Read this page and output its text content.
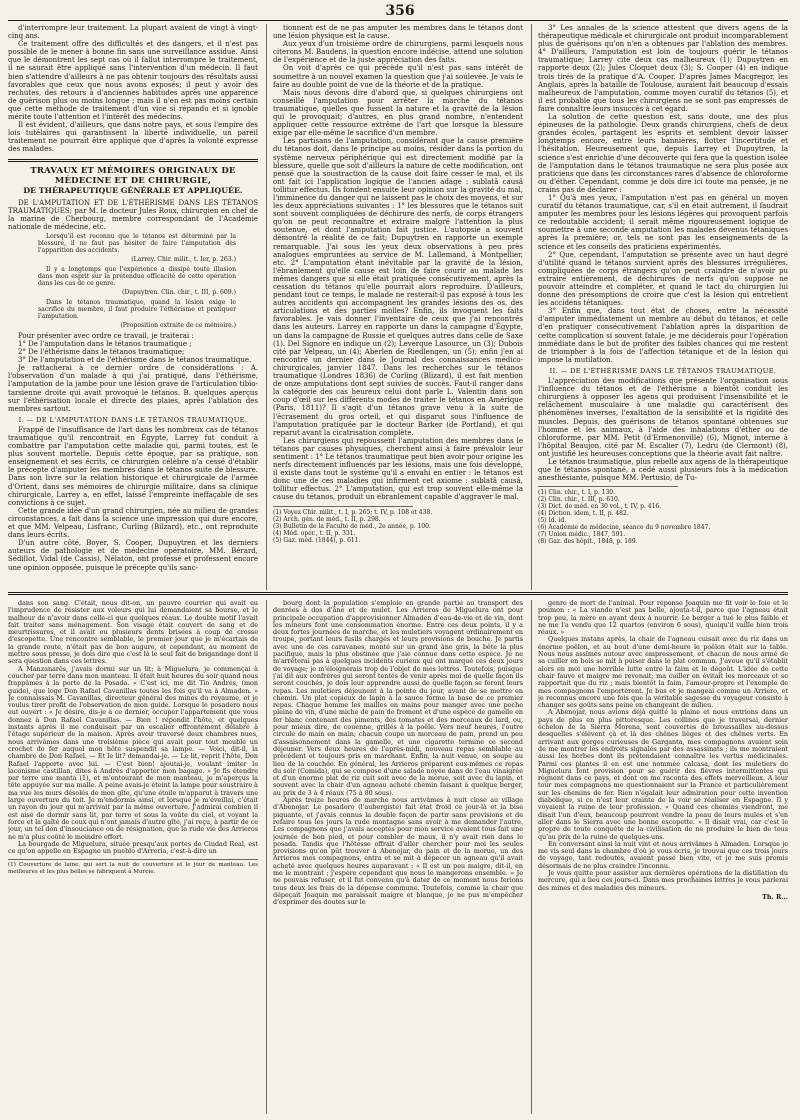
356

d'interrompre leur traitement. La plupart avaient de vingt à vingt-cinq ans.

Ce traitement offre des difficultés et des dangers, et il n'est pas possible de le mener à bonne fin sans une surveillance assidue. Ainsi que le démontrent les sept cas où il fallut interrompre le traitement, il ne saurait être appliqué sans l'intervention d'un médecin. Il faut bien s'attendre d'ailleurs à ne pas obtenir toujours des résultats aussi favorables que ceux que nous avons exposés; il peut y avoir des rechutes, des retours à d'anciennes habitudes après une apparence de guérison plus ou moins longue ; mais il n'en est pas moins certain que cette méthode de traitement d'un vice si répandu et si ignoble mérite toute l'attention et l'intérêt des médecins.

Il est évident, d'ailleurs, que dans notre pays, et sous l'empire des lois tutélaires qui garantissent la liberté individuelle, un pareil traitement ne pourrait être appliqué que d'après la volonté expresse des malades.

TRAVAUX ET MÉMOIRES ORIGINAUX DE MÉDECINE ET DE CHIRURGIE,

DE THÉRAPEUTIQUE GÉNÉRALE ET APPLIQUÉE.

DE L'AMPUTATION ET DE L'ÉTHÉRISME DANS LES TÉTANOS TRAUMATIQUES; par M. le docteur Jules Roux, chirurgien en chef de la marine de Cherbourg, membre correspondant de l'Académie nationale de médecine, etc.

Lorsqu'il est reconnu que le tétanos est déterminé par la blessure, il ne faut pas hésiter de faire l'amputation dès l'apparition des accidents.

(Larrey. Chir. milit., t. Ier, p. 263.)

Il y a longtemps que l'expérience a dissipé toute illusion dans mon esprit sur la prétendue efficacité de cette opération dans les cas de ce genre.

(Dupuytren. Clin. chir., t. III, p. 609.)

Dans le tétanos traumatique, quand la lésion exige le sacrifice du membre, il faut produire l'éthérisme et pratiquer l'amputation.

(Proposition extraite de ce mémoire.)

Pour présenter avec ordre ce travail, je traiterai :

1° De l'amputation dans le tétanos traumatique ;

2° De l'éthérisme dans le tétanos traumatique;

3° De l'amputation et de l'éthérisme dans le tétanos traumatique.

Je rattacherai à ce dernier ordre de considérations : A. l'observation d'un malade à qui j'ai pratiqué, dans l'éthérisme, l'amputation de la jambe pour une lésion grave de l'articulation tibio-tarsienne droite qui avait provoqué le tétanos. B. quelques aperçus sur l'éthérisation locale et directe des plaies, après l'ablation des membres sartout.

I. — DE L'AMPUTATION DANS LE TÉTANOS TRAUMATIQUE.

Frappé de l'insuffisance de l'art dans les nombreux cas de tétanos traumatique qu'il rencontrait en Égypte, Larrey fut conduit à combattre par l'amputation cette maladie qui, parmi toutes, est le plus souvent mortelle. Depuis cette époque, par sa pratique, son enseignement et ses écrits, ce chirurgien célèbre n'a cessé d'établir le précepte d'amputer les membres dans le tétanos suite de blessure. Dans son livre sur la relation historique et chirurgicale de l'armée d'Orient, dans ses mémoires de chirurgie militaire, dans sa clinique chirurgicale, Larrey a, en effet, laissé l'empreinte ineffaçable de ses convictions à ce sujet.

Cette grande idée d'un grand chirurgien, née au milieu de grandes circonstances, a fait dans la science une impression qui dure encore, et que MM. Velpeau, Lisfranc, Curling (Bilzard), etc., ont reproduite dans leurs écrits.

D'un autre côté, Boyer, S. Cooper, Dupuytren et les derniers auteurs de pathologie et de médecine opératoire, MM. Bérard, Sédillot, Vidal (de Cassis), Nélaton, ont professé et professent encore une opinion opposée, puisque le précepte qu'ils sanc-

tionnent est de ne pas amputer les membres dans le tétanos dont une lésion physique est la cause.

Aux yeux d'un troisième ordre de chirurgiens, parmi lesquels nous citerons M. Baudens, la question encore indécise, attend une solution de l'expérience et de la juste appréciation des faits.

On voit d'après ce qui précède qu'il n'est pas sans intérêt de soumettre à un nouvel examen la question que j'ai soulevée. Je vais le faire au double point de vue de la théorie et de la pratique.

Mais nous devons dire d'abord que, si quelques chirurgiens ont conseillé l'amputation pour arrêter la marche du tétanos traumatique, quelles que fussent la nature et la gravité de la lésion qui le provoquait; d'autres, en plus grand nombre, n'entendent appliquer cette ressource extrême de l'art que lorsque la blessure exige par elle-même le sacrifice d'un membre.

Les partisans de l'amputation, considérant que la cause première du tétanos doit, dans le principe au moins, résider dans la portion du système nerveux périphérique qui est directement modifié par la blessure, quelle que soit d'ailleurs la nature de cette modification, ont pensé que la soustraction de la cause doit faire cesser le mal, et ils ont fait ici l'application logique de l'ancien adage : sublatâ causâ tollitur effectus. Ils fondent ensuite leur opinion sur la gravité du mal, l'imminence du danger qui ne laissent pas le choix des moyens, et sur les deux appréciations suivantes : 1° les blessures que le tétanos suit sont souvent compliquées de déchirure des nerfs, de corps étrangers qu'on ne peut reconnaître et extraire malgré l'attention la plus soutenue, et dont l'amputation fait justice. L'autopsie a souvent démontré la réalité de ce fait; Dupuytren en rapporte un exemple remarquable. J'ai sous les yeux deux observations à peu près analogues empruntées au service de M. Lallemand, à Montpellier, etc. 2° L'amputation étant inévitable par la gravité de la lésion, l'ébranlement qu'elle cause est loin de faire courir au malade les mêmes dangers que si elle était pratiquée consécutivement, après la cessation du tétanos qu'elle pourrait alors reproduire. D'ailleurs, pendant tout ce temps, le malade ne resterait-il pas exposé à tous les autres accidents qui accompagnent les grandes lésions des os, des articulations et des parties molles? Enfin, ils invoquent les faits favorables. Je vais donner l'inventaire de ceux que j'ai rencontrés dans les auteurs. Larrey en rapporte un dans la campagne d'Égypte, un dans la campagne de Russie et quelques autres dans celle de Saxe (1). Del Signore en indique un (2); Leverque Lasource, un (3); Dubois cité par Velpeau, un (4); Aberlen de Riedlengen, un (5); enfin j'en ai rencontré un dernier dans le Journal des connaissances médico-chirurgicales, janvier 1847. Dans les recherches sur le tétanos traumatique (Londres 1836) de Curling (Blizard), il est fait mention de onze amputations dont sept suivies de succès. Faut-il ranger dans la catégorie des cas heureux celui dont parle L. Valentin dans son coup d'œil sur les différents modes de traiter le tétanos en Amérique (Paris, 1811)? Il s'agit d'un tétanos grave venu à la suite de l'écrasement du gros orteil, et qui disparut sous l'influence de l'amputation pratiquée par le docteur Barker (de Portland), et qui reparut avant la cicatrisation complète.

Les chirurgiens qui repoussent l'amputation des membres dans le tétanos par causes physiques, cherchent ainsi à faire prévaloir leur sentiment : 1° Le tétanos traumatique peut bien avoir pour origine les nerfs directement influencés par les lésions, mais une fois développé, il existe dans tout le système qu'il a envahi en entier : le tétanos est donc une de ces maladies qui infirment cet axiome : sublatâ causâ, tollitur effectus. 2° L'amputation, qui est trop souvent elle-même la cause du tétanos, produit un ébranlement capable d'aggraver le mal.

(1) Voyez Chir. milit., t. I, p. 265; t. IV, p. 108 et 438.
(2) Arch. gén. de méd., t. II, p. 298.
(3) Bulletin de la Faculté de méd., 2e année, p. 100.
(4) Méd. opér., t. II, p. 331.
(5) Gaz. méd. (1844), p. 611.

3° Les annales de la science attestent que divers agens de la thérapeutique médicale et chirurgicale ont produit incomparablement plus de guérisons qu'on n'en a obtenues par l'ablation des membres. 4° D'ailleurs, l'amputation est loin de toujours guérir le tétanos traumatique; Larrey cite deux cas malheureux (1); Dupuytren en rapporte deux (2); Jules Cloquet deux (3); S. Cooper (4) en indique trois tirés de la pratique d'A. Cooper. D'après James Macgregor, les Anglais, après la bataille de Toulouse, auraient fait beaucoup d'essais malheureux de l'amputation, comme moyen curatif du tétanos (5), et il est probable que tous les chirurgiens ne se sont pas empressés de faire connaître leurs insuccès à cet égard.

La solution de cette question est, sans doute, une des plus épineuses de la pathologie. Deux grands chirurgiens, chefs de deux grandes écoles, partagent les esprits et semblent devoir laisser longtemps encore, entre leurs bannières, flotter l'incertitude et l'hésitation. Heureusement que, depuis Larrey et Dupuytren, la science s'est enrichie d'une découverte qui fera que la question isolée de l'amputation dans le tétanos traumatique ne sera plus posée aux praticiens que dans les circonstances rares d'absence de chloroforme ou d'éther. Cependant, comme je dois dire ici toute ma pensée, je ne crains pas de déclarer :

1° Qu'à mes yeux, l'amputation n'est pas en général un moyen curatif du tétanos traumatique, car, s'il en était autrement, il faudrait amputer les membres pour les lésions légères qui provoquent parfois ce redoutable accident; il serait même rigoureusement logique de soumettre à une seconde amputation les malades devenus tétaniques après la première; or, tels ne sont pas les enseignements de la science et les conseils des praticiens expérimentés.

2° Que, cependant, l'amputation se présente avec un haut degré d'utilité quand le tétanos survient après des blessures irrégulières, compliquées de corps étrangers qu'on peut craindre de n'avoir pu extraire entièrement, de déchirures de nerfs qu'on suppose ne pouvoir atteindre et compléter, et quand le tact du chirurgien lui donne des présomptions de croire que c'est la lésion qui entretient les accidens tétaniques.

3° Enfin que, dans tout état de choses, entre la nécessité d'amputer immédiatement un membre au début du tétanos, et celle d'en pratiquer consécutivement l'ablation après la disparition de cette complication si souvent fatale, je me déciderais pour l'opération immédiate dans le but de profiter des faibles chances qui me restent de triompher à la fois de l'affection tétanique et de la lésion qui impose la mutilation.

II. — DE L'ÉTHÉRISME DANS LE TÉTANOS TRAUMATIQUE.

L'appréciation des modifications que présente l'organisation sous l'influence du tétanos et de l'éthérisme a bientôt conduit les chirurgiens à opposer les agens qui produisent l'insensibilité et le relâchement musculaire à une maladie qui caractérisent des phénomènes inverses, l'exaltation de la sensibilité et la rigidité des muscles. Depuis, des guérisons de tétanos spontané obtenues sur l'homme et les animaux, à l'aide des inhalations d'éther ou de chloroforme, par MM. Petit (d'Ermenonville) (6), Mignot, interne à l'hôpital Beaujon, cité par M. Escalier (7), Ledru (de Clermont) (8), ont justifié les heureuses conceptions que la théorie avait fait naître.

Le tétanos traumatique, plus rebelle aux agens de la thérapeutique que le tétanos spontané, a cédé aussi plusieurs fois à la médication anesthésiante, puisque MM. Pertusio, de Tu-

(1) Clin. chir., t. I, p. 130.
(2) Clin. chir., t. III, p. 610.
(3) Dict. de méd. en 30 vol., t. IV, p. 416.
(4) Diction. idem, t. II, p. 482.
(5) Id. id.
(6) Académie de médecine, séance du 9 novembre 1847.
(7) Union médic., 1847, 591.
(8) Gaz. des hôpit., 1848, p. 189.

dans son sang. C'était, nous dit-on, un pauvre courrier qui avait eu l'imprudence de résister aux voleurs qui lui demandaient sa bourse, et le malheur de n'avoir dans celle-ci que quelques réaux. Le double motif l'avait fait traiter sans ménagement. Son visage était couvert de sang et de meurtrissures, et il avait eu plusieurs dents brisées à coup de crosse d'escopette. Une rencontre semblable, le premier jour que je m'écartais de la grande route, n'était pas de bon augure, et cependant, au moment de mettre sous presse, je dois dire que c'est là le seul fait de brigandage dont il sera question dans ces lettres.

A Manzanarès, j'avais dormi sur un lit; à Miguelura, je commençai à coucher par terre dans mon manteau. Il était huit heures du soir quand nous frappâmes à la porte de la Posada. « C'est ici, me dit Tio Andrés, (mon guide), que loge Don Rafael Cavanillas toutes les fois qu'il va à Almaden. » Je connaissais M. Cavanillas, directeur général des mines du royaume, et je voulus tirer profit de l'observation de mon guide. Lorsque le posadero nous eut ouvert : « Je désire, dis-je à ce dernier, occuper l'appartement que vous donnez à Don Rafael Cavanillas. — Bien ! répondit l'hôte, et quelques instants après il me conduisait par un escalier effrontément délabré à l'étage supérieur de la maison. Après avoir traversé deux chambres nues, nous arrivâmes dans une troisième pièce qui avait pour tout meuble un crochet de fer auquel mon hôte suspendit sa lampe. — Voici, dit-il, la chambre de Don Rafael. — Et le lit? demandai-je. — Le lit, reprit l'hôte, Don Rafael l'apporte avec lui. — C'est bien! ajoutai-je, voulant imiter le laconisme castillan, dites à Andrès d'apporter mon bagage. » Je fis étendre par terre une manta (1), et m'entourant de mon manteau, je m'aperçus la tête appuyée sur ma malle. A peine avais-je éteint la lampe pour soustraire à ma vue les murs désolés de mon gîte, qu'une étoile m'apparut à travers une large ouverture du toit. Je m'endormis ainsi, et lorsque je m'éveillai, c'était un rayon du jour qui m'arrivait par la même ouverture. J'admirai combien il est aisé de dormir sans lit, par terre et sous la voûte du ciel, et voyant la force et la gaîté de ceux qui n'ont jamais d'autre gîte, j'ai reçu, à partir de ce jour, un tel don d'insouciance ou de résignation, que la rude vie des Arrieros ne m'a plus coûté le moindre effort.

La bourgade de Miguelura, située presqu'aux portes de Ciudad Real, est ce qu'on appelle en Espagne un pueblo d'Arreria, c'est-à-dire un

(1) Couverture de laine, qui sert la nuit de couverture et le jour de manteau. Les meilleures et les plus belles se fabriquent à Murcie.

bourg dont la population s'emploie en grande partie au transport des denrées à dos d'âne et de mulet. Les Arrieros de Miguelura ont pour principale occupation d'approvisionner Almaden d'eau-de-vie et de vin, dont les mineurs font une consommation énorme. Entre ces deux points, il y a deux fortes journées de marche, et les muletiers voyagent ordinairement en troupe, portant leurs fusils chargés et leurs provisions de bouche. Je partis avec une de ces caravanes, monté sur un grand âne gris, la bête la plus pacifique, mais la plus obstinée que j'aie connue dans cette espèce. Je ne m'arrêterai pas à quelques incidents curieux qui ont marqué ces deux jours de voyage; je m'éloignerais trop de l'objet de mes lettres. Toutefois, puisque j'ai dit aux confrères qui seront tentés de venir après moi de quelle façon ils seront couchés, je dois leur apprendre aussi de quelle façon se feront leurs repas. Les muletiers déjeunent à la pointe du jour, avant de se mettre en chemin. Un plat copieux de lapin à la sauce forme la base de ce premier repas. Chaque homme les mailles en mains pour manger avec une poche pleine de vin, d'une miche de pain de froment et d'une espèce de gamelle en fer blanc contenant des piments, des tomates et des morceaux de lard, ou, pour mieux dire, de couenne, grillés à la poêle. Vers neuf heures, l'outre circule de main en main; chacun coupe un morceau de pain, prend un peu d'assaisonnement dans la gamelle, et une cigarette termine ce second déjeuner. Vers deux heures de l'après-midi, nouveau repas semblable au précédent et toujours pris en marchant. Enfin, la nuit venue, on soupe au lieu de la couchée. En général, les Arrieros préparent eux-mêmes ce repas du soir (Comida), qui se compose d'une salade noyée dans de l'eau vinaigrée et d'un énorme plat de riz cuit soit avec de la morue, soit avec du lapin, et souvent avec la chair d'un agneau acheté chemin faisant à quelque berger, au prix de 3 à 4 réaux (75 à 80 sous).

Après treize heures de marche nous arrivâmes à nuit close au village d'Abenojar. Le posadero (l'aubergiste) fait état froid ce jour-là et la bise piquante, et j'avais connus la double façon de partir sans provisions et de refaire tous les jours la rude montagne sans avoir à me demander l'autre. Les compagnons que j'avais acceptés pour mon service avaient tous fait une journée de bon pied, et pour combler de maux, il n'y avait rien dans le posada. Tandis que l'hôtesse offrait d'aller chercher pour moi les seules provisions qu'on pût trouver à Abenojar, du pain et de la morue, un des Arrieros mes compagnons, entra et se mit à dépecer un agneau qu'il avait acheté avec quelques heures auparavant : « Il est un peu maigre, dit-il, en me le montrant ; j'espère cependant que nous le mangerons ensemble. » Je ne pouvais refuser, et il fut convenu qu'à dater de ce moment nous ferions tous deux les frais de la dépense commune. Toutefois, comme la chair que dépeçait Joaquin me paraissait maigre et blanque, je ne pus m'empêcher d'exprimer des doutes sur le

genre de mort de l'animal. Pour réponse Joaquin me fit voir le foie et le poumon : « La viande n'est pas belle, ajouta-t-il, parce que l'agneau était trop peu, la mère en ayant deux à nourrir. Le berger a tué le plus faible et ne me l'a vendu que 12 quartos (environ 6 sous), quoiqu'il vaille bien trois réaux. »

Quelques instans après, la chair de l'agneau cuisait avec du riz dans un énorme poêlon, et au bout d'une demi-heure le poêlon était sur la table. Nous nous assîmes autour avec empressement, et chacun de nous armé de sa cuiller en bois se mit à puiser dans le plat commun. J'avoue qu'il s'établit alors en moi une horrible lutte entre la faim et le dégoût. L'idée de cette chair fauve et maigre me revenait; ma cuiller en évitait les morceaux et se rapportait que du riz ; mais bientôt la faim, l'amour-propre et l'exemple de mes compagnons l'emportèrent. Je bus et je mangeai comme un Arriero, et je reconnus encore une fois que la véritable sagesse du voyageur consiste à changer ses goûts sans peine en changeant de milieu.

A Abenojar, nous avions déjà quitté la plaine et nous entrions dans un pays de plus en plus pittoresque. Les collines que je traversai, dernier échelon de la Sierra Morena, sont couvertes de broussailles au-dessus desquelles s'élèvent çà et là des chênes lièges et des chênes verts. En arrivant aux gorges curieuses de Garganta, mes compagnons avaient soin de me montrer les endroits signalés par des assassinats ; ils me montraient aussi les herbes dont ils prétendaient connaître les vertus médicinales. Parmi ces plantes il en est une nommée calcasa, dont les muletiers de Miguelura font provision pour se guérir des fièvres intermittentes qui règnent dans ce pays, et dont on me raconta des effets merveilleux. A leur tour mes compagnons me questionnaient sur la France et particulièrement sur les chemins de fer. Rien n'égalait leur admiration pour cette invention diabolique, si ce n'est leur crainte de la voir se réaliser en Espagne. Il y voyaient la ruine de leur profession. « Quand ces chemins viendront, me disait l'un d'eux, beaucoup pourront vendre la peau de leurs mules et s'en aller dans le Sierra avec une bonne escopette. » Il disait vrai, car c'est le propre de toute conquête de la civilisation de ne produire le bien de tous qu'au prix de la ruine de quelques-uns.

En conversant ainsi la nuit vint et nous arrivâmes à Almaden. Lorsque je me vis seul dans la chambre d'où je vous écris, je trouvai que ces trois jours de voyage, tant redoutés, avaient passé bien vite, et je me suis promis désormais de ne plus craindre l'inconnu.

Je vous quitte pour assister aux dernières opérations de la distillation du mercure, qui a lieu ces jours-ci. Dans mes prochaines lettres je vous parlerai des mines et des maladies des mineurs.

Th. R...
